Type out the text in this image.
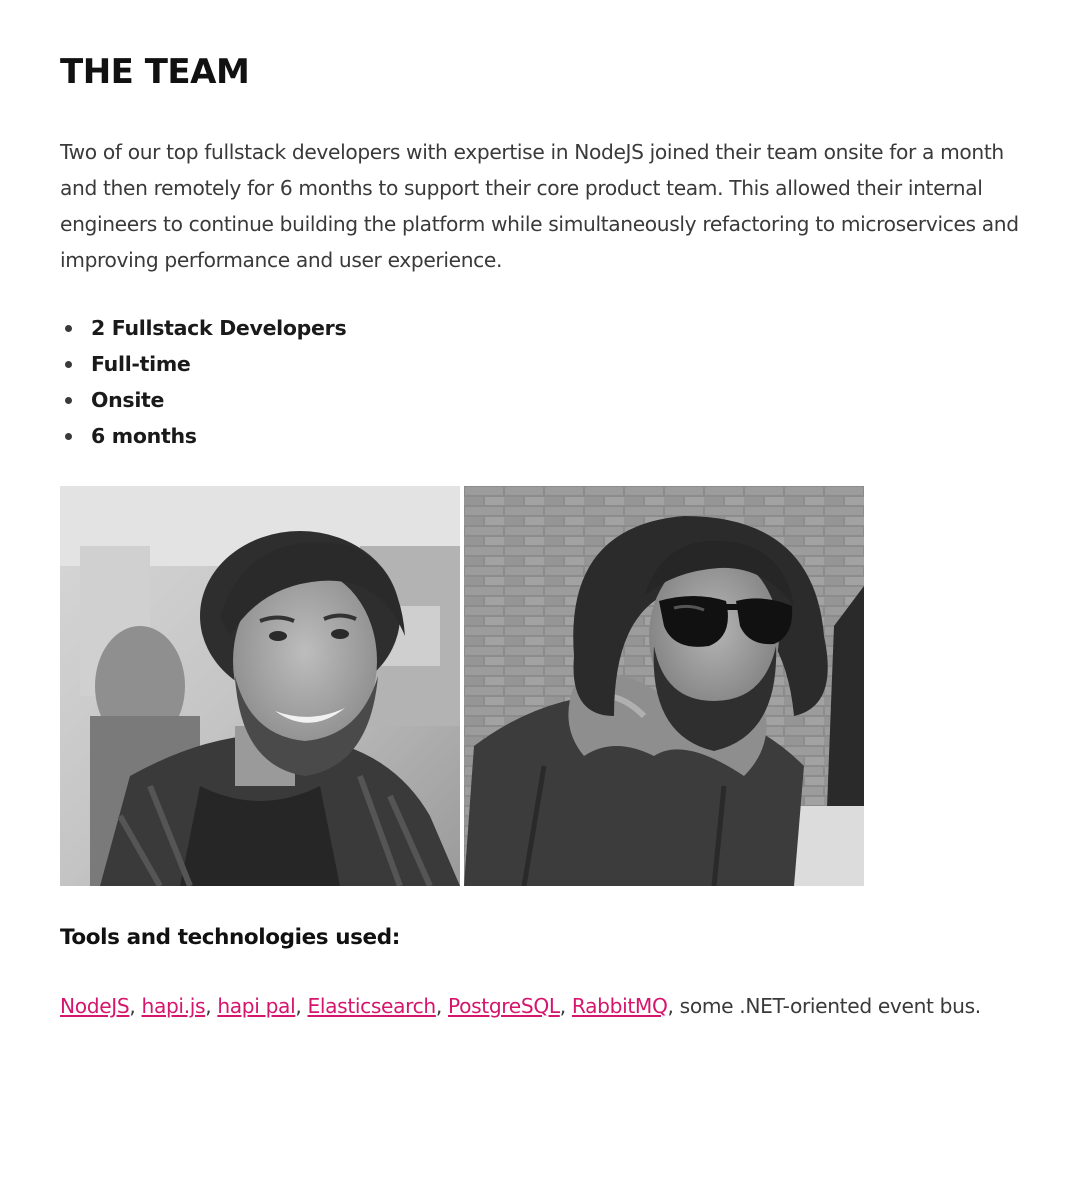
THE TEAM

Two of our top fullstack developers with expertise in NodeJS joined their team onsite for a month and then remotely for 6 months to support their core product team. This allowed their internal engineers to continue building the platform while simultaneously refactoring to microservices and improving performance and user experience.

2 Fullstack Developers
Full-time
Onsite
6 months
Tools and technologies used:

NodeJS, hapi.js, hapi pal, Elasticsearch, PostgreSQL, RabbitMQ, some .NET-oriented event bus.
